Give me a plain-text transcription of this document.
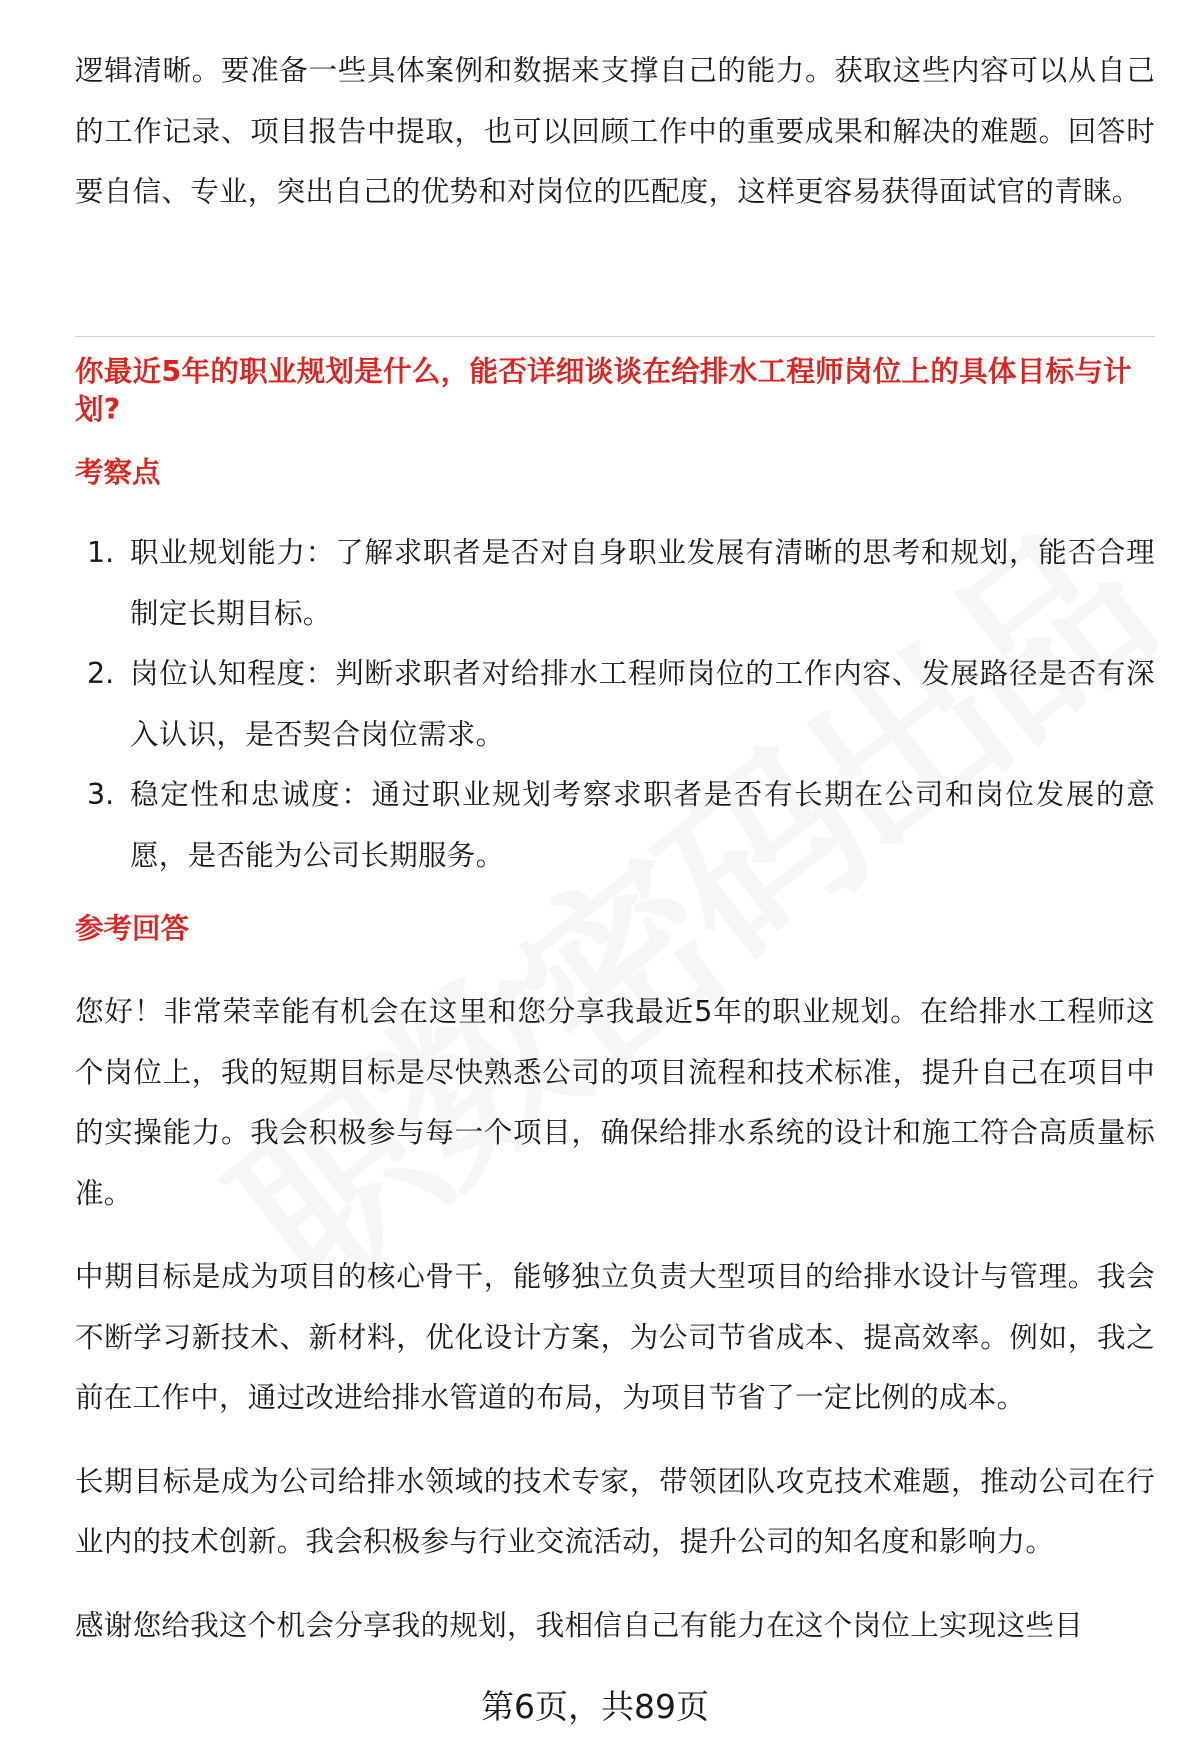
逻辑清晰。要准备一些具体案例和数据来支撑自己的能力。获取这些内容可以从自己的工作记录、项目报告中提取，也可以回顾工作中的重要成果和解决的难题。回答时要自信、专业，突出自己的优势和对岗位的匹配度，这样更容易获得面试官的青睐。

你最近5年的职业规划是什么，能否详细谈谈在给排水工程师岗位上的具体目标与计划?
考察点
1. 职业规划能力：了解求职者是否对自身职业发展有清晰的思考和规划，能否合理制定长期目标。

2. 岗位认知程度：判断求职者对给排水工程师岗位的工作内容、发展路径是否有深入认识，是否契合岗位需求。

3. 稳定性和忠诚度：通过职业规划考察求职者是否有长期在公司和岗位发展的意愿，是否能为公司长期服务。

参考回答

您好！非常荣幸能有机会在这里和您分享我最近5年的职业规划。在给排水工程师这个岗位上，我的短期目标是尽快熟悉公司的项目流程和技术标准，提升自己在项目中的实操能力。我会积极参与每一个项目，确保给排水系统的设计和施工符合高质量标准。

中期目标是成为项目的核心骨干，能够独立负责大型项目的给排水设计与管理。我会不断学习新技术、新材料，优化设计方案，为公司节省成本、提高效率。例如，我之前在工作中，通过改进给排水管道的布局，为项目节省了一定比例的成本。

长期目标是成为公司给排水领域的技术专家，带领团队攻克技术难题，推动公司在行业内的技术创新。我会积极参与行业交流活动，提升公司的知名度和影响力。

感谢您给我这个机会分享我的规划，我相信自己有能力在这个岗位上实现这些目

第6页，共89页
